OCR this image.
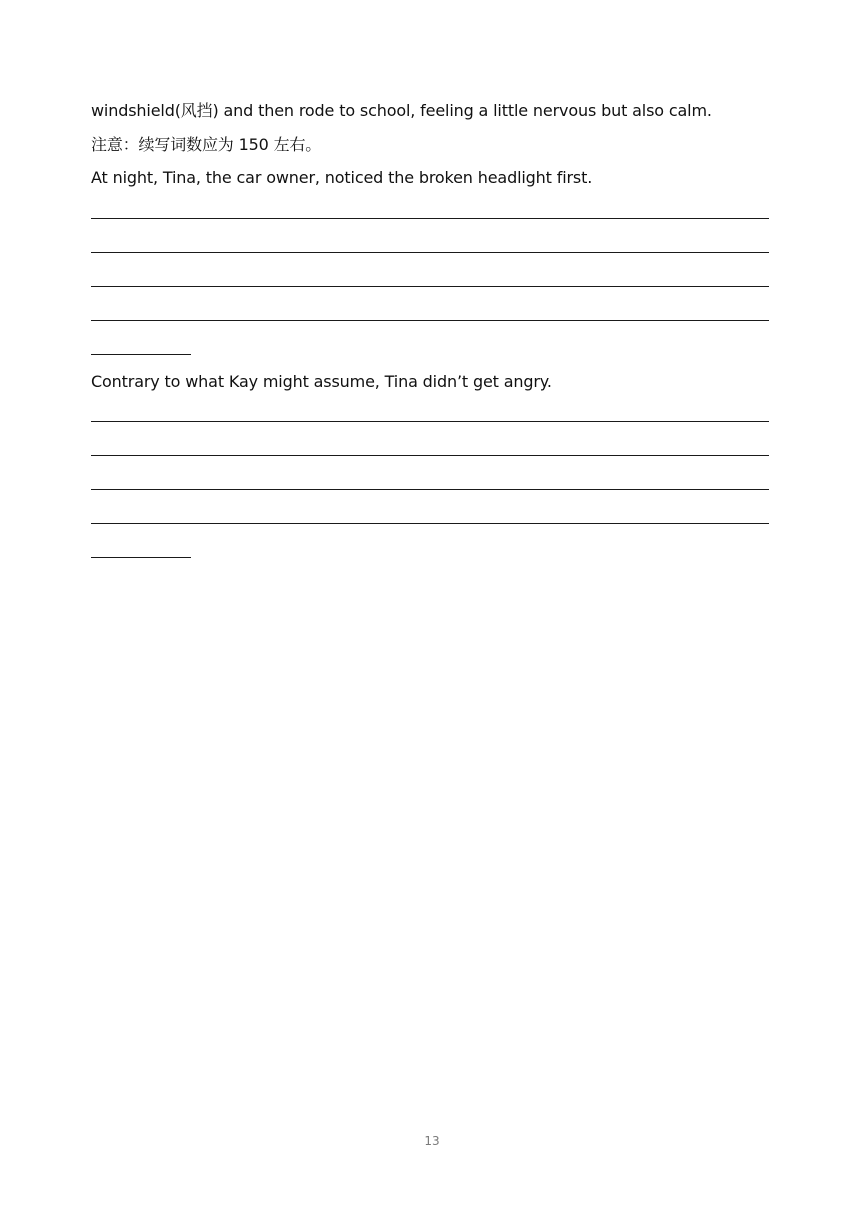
windshield(风挡) and then rode to school, feeling a little nervous but also calm.
注意：续写词数应为 150 左右。
At night, Tina, the car owner, noticed the broken headlight first.
Contrary to what Kay might assume, Tina didn’t get angry.
13
